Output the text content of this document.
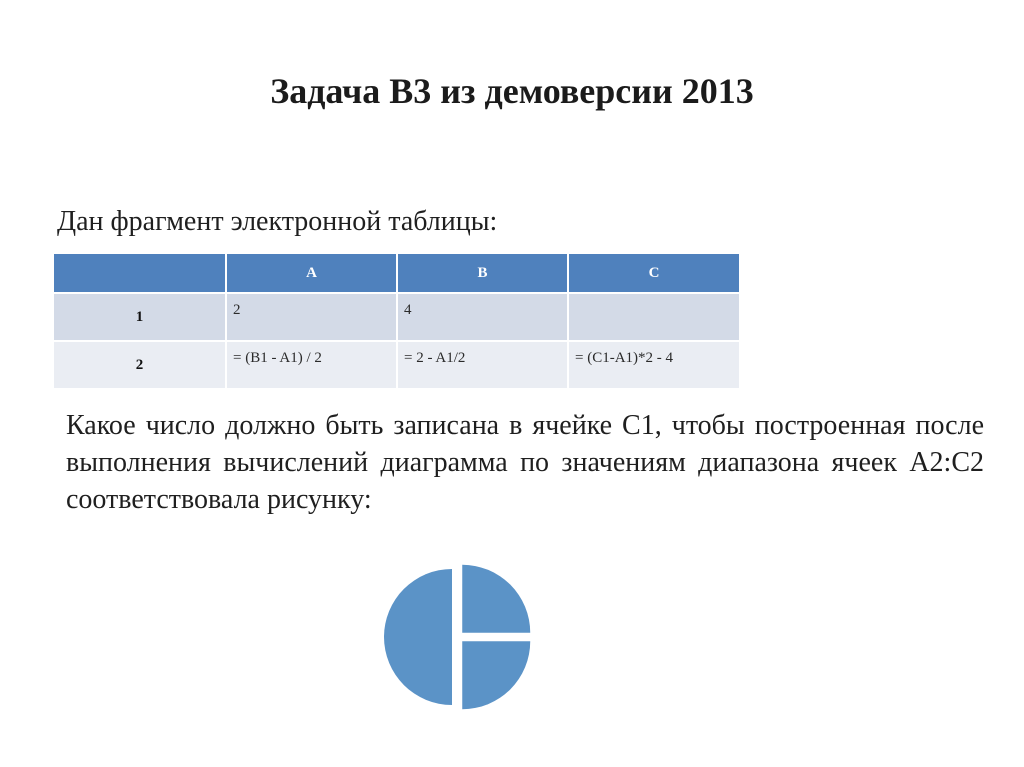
Задача В3 из демоверсии 2013
Дан фрагмент электронной таблицы:
	A	B	C
1	2	4	
2	= (B1 - A1) / 2	= 2 - A1/2	= (C1-A1)*2 - 4
Какое число должно быть записана в ячейке С1, чтобы построенная после выполнения вычислений диаграмма по значениям диапазона ячеек А2:С2 соответствовала рисунку:
